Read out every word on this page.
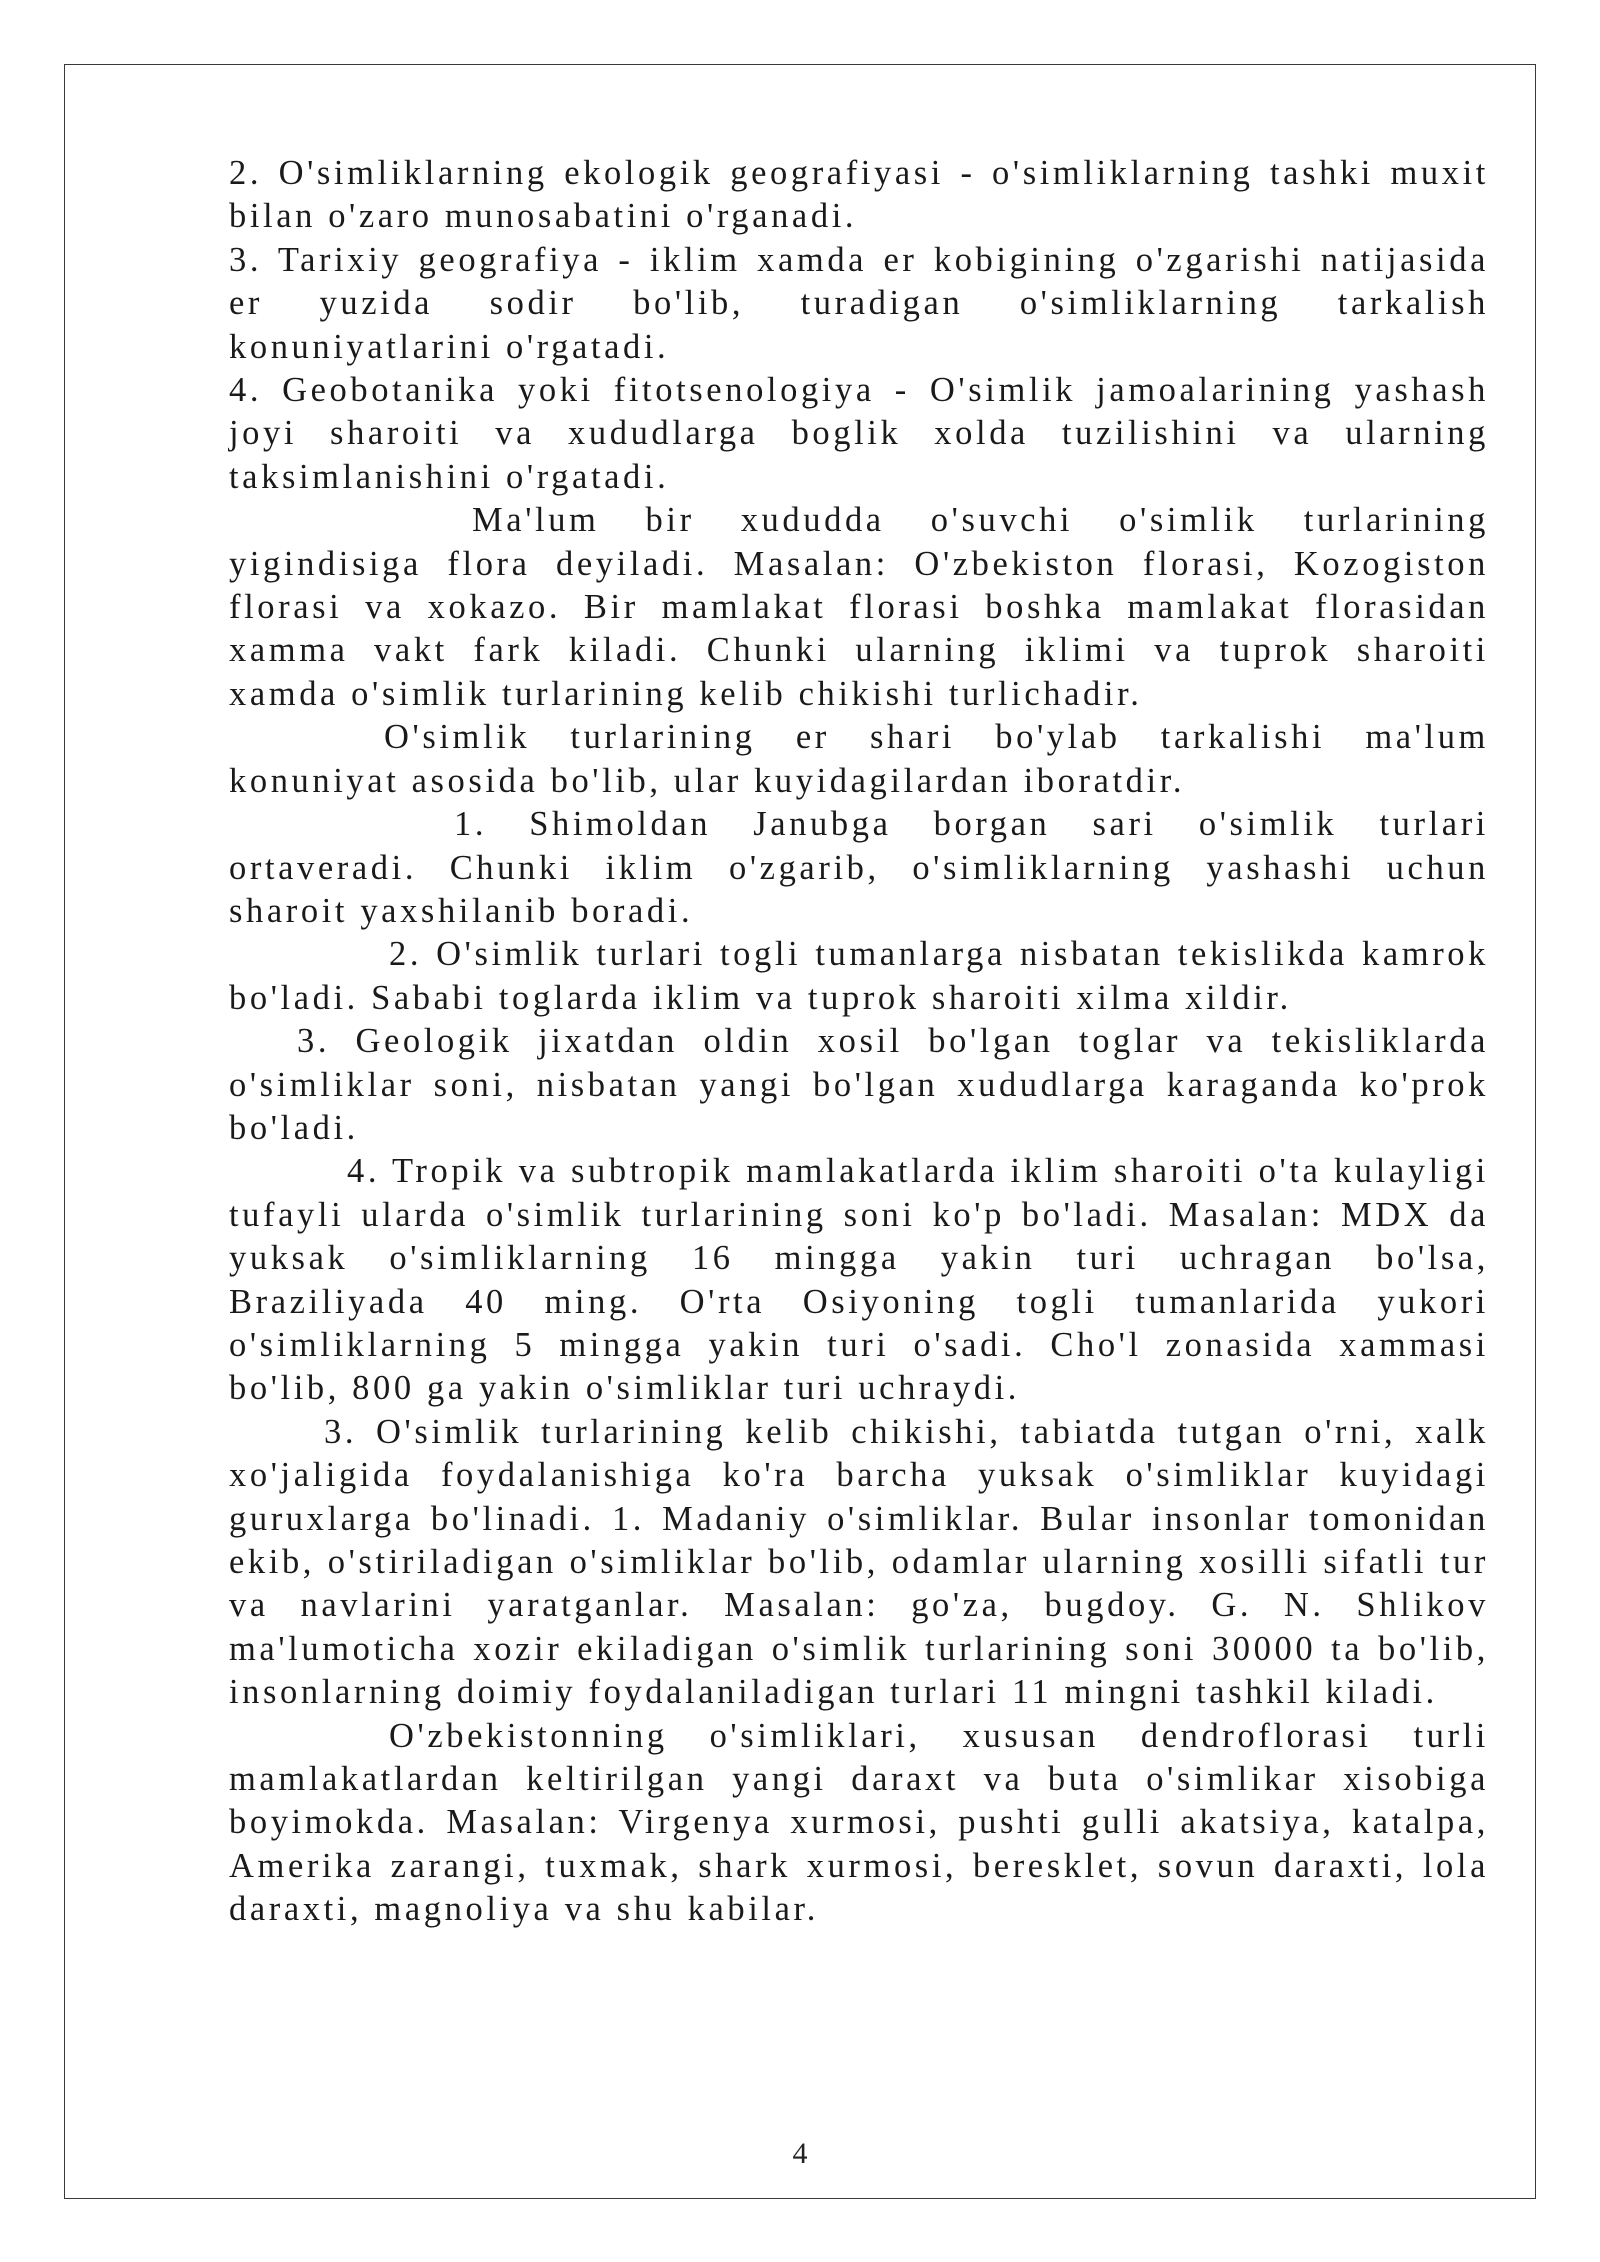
2. O'simliklarning ekologik geografiyasi - o'simliklarning tashki muxit bilan o'zaro munosabatini o'rganadi.

3. Tarixiy geografiya - iklim xamda er kobigining o'zgarishi natijasida er yuzida sodir bo'lib, turadigan o'simliklarning tarkalish konuniyatlarini o'rgatadi.

4. Geobotanika yoki fitotsenologiya - O'simlik jamoalarining yashash joyi sharoiti va xududlarga boglik xolda tuzilishini va ularning taksimlanishini o'rgatadi.

Ma'lum bir xududda o'suvchi o'simlik turlarining yigindisiga flora deyiladi. Masalan: O'zbekiston florasi, Kozogiston florasi va xokazo. Bir mamlakat florasi boshka mamlakat florasidan xamma vakt fark kiladi. Chunki ularning iklimi va tuprok sharoiti xamda o'simlik turlarining kelib chikishi turlichadir.

O'simlik turlarining er shari bo'ylab tarkalishi ma'lum konuniyat asosida bo'lib, ular kuyidagilardan iboratdir.

1. Shimoldan Janubga borgan sari o'simlik turlari ortaveradi. Chunki iklim o'zgarib, o'simliklarning yashashi uchun sharoit yaxshilanib boradi.

2. O'simlik turlari togli tumanlarga nisbatan tekislikda kamrok bo'ladi. Sababi toglarda iklim va tuprok sharoiti xilma xildir.

3. Geologik jixatdan oldin xosil bo'lgan toglar va tekisliklarda o'simliklar soni, nisbatan yangi bo'lgan xududlarga karaganda ko'prok bo'ladi.

4. Tropik va subtropik mamlakatlarda iklim sharoiti o'ta kulayligi tufayli ularda o'simlik turlarining soni ko'p bo'ladi. Masalan: MDX da yuksak o'simliklarning 16 mingga yakin turi uchragan bo'lsa, Braziliyada 40 ming. O'rta Osiyoning togli tumanlarida yukori o'simliklarning 5 mingga yakin turi o'sadi. Cho'l zonasida xammasi bo'lib, 800 ga yakin o'simliklar turi uchraydi.

3. O'simlik turlarining kelib chikishi, tabiatda tutgan o'rni, xalk xo'jaligida foydalanishiga ko'ra barcha yuksak o'simliklar kuyidagi guruxlarga bo'linadi. 1. Madaniy o'simliklar. Bular insonlar tomonidan ekib, o'stiriladigan o'simliklar bo'lib, odamlar ularning xosilli sifatli tur va navlarini yaratganlar. Masalan: go'za, bugdoy. G. N. Shlikov ma'lumoticha xozir ekiladigan o'simlik turlarining soni 30000 ta bo'lib, insonlarning doimiy foydalaniladigan turlari 11 mingni tashkil kiladi.

O'zbekistonning o'simliklari, xususan dendroflorasi turli mamlakatlardan keltirilgan yangi daraxt va buta o'simlikar xisobiga boyimokda. Masalan: Virgenya xurmosi, pushti gulli akatsiya, katalpa, Amerika zarangi, tuxmak, shark xurmosi, beresklet, sovun daraxti, lola daraxti, magnoliya va shu kabilar.

4
